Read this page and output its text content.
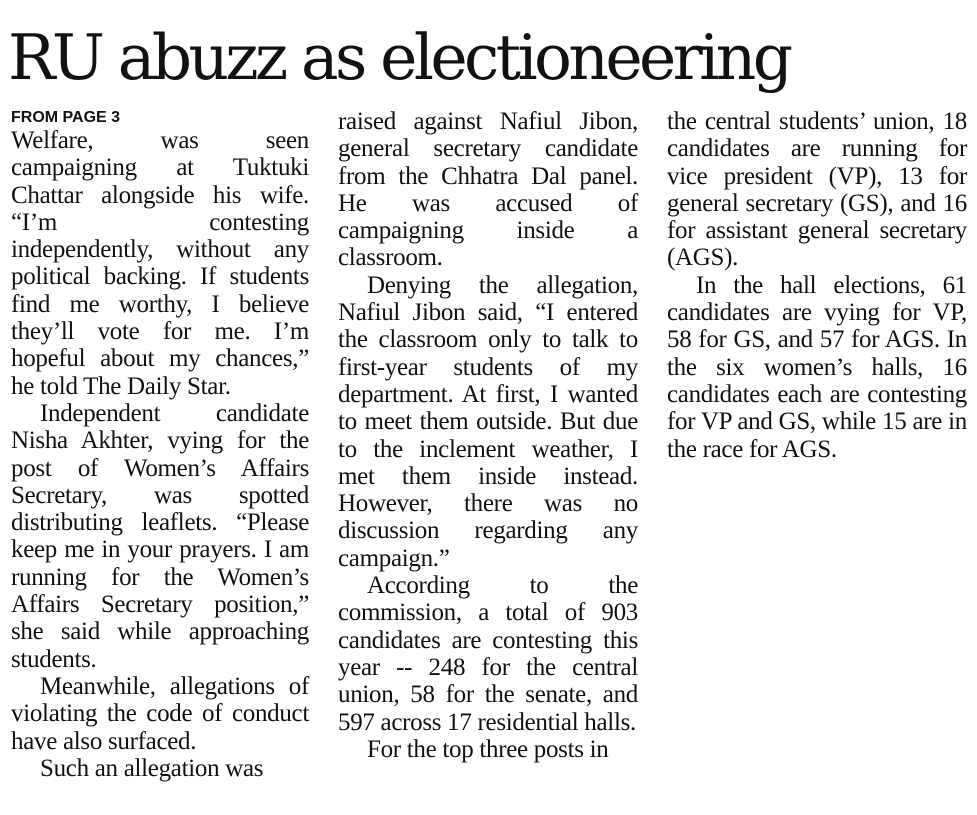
RU abuzz as electioneering
FROM PAGE 3

Welfare, was seen campaigning at Tuktuki Chattar alongside his wife. “I’m contesting independently, without any political backing. If students find me worthy, I believe they’ll vote for me. I’m hopeful about my chances,” he told The Daily Star.

Independent candidate Nisha Akhter, vying for the post of Women’s Affairs Secretary, was spotted distributing leaflets. “Please keep me in your prayers. I am running for the Women’s Affairs Secretary position,” she said while approaching students.

Meanwhile, allegations of violating the code of conduct have also surfaced.

Such an allegation was

raised against Nafiul Jibon, general secretary candidate from the Chhatra Dal panel. He was accused of campaigning inside a classroom.

Denying the allegation, Nafiul Jibon said, “I entered the classroom only to talk to first-year students of my department. At first, I wanted to meet them outside. But due to the inclement weather, I met them inside instead. However, there was no discussion regarding any campaign.”

According to the commission, a total of 903 candidates are contesting this year -- 248 for the central union, 58 for the senate, and 597 across 17 residential halls.

For the top three posts in

the central students’ union, 18 candidates are running for vice president (VP), 13 for general secretary (GS), and 16 for assistant general secretary (AGS).

In the hall elections, 61 candidates are vying for VP, 58 for GS, and 57 for AGS. In the six women’s halls, 16 candidates each are contesting for VP and GS, while 15 are in the race for AGS.
